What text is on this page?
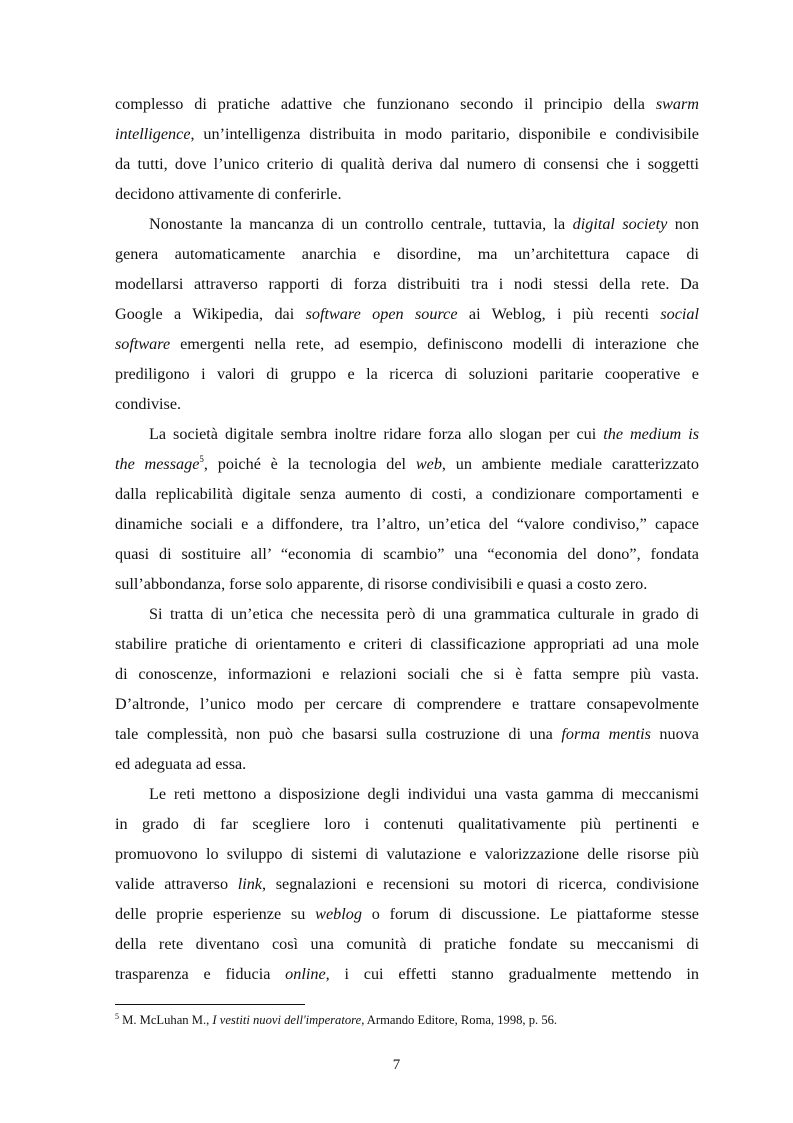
complesso di pratiche adattive che funzionano secondo il principio della swarm
intelligence, un’intelligenza distribuita in modo paritario, disponibile e condivisibile
da tutti, dove l’unico criterio di qualità deriva dal numero di consensi che i soggetti
decidono attivamente di conferirle.
Nonostante la mancanza di un controllo centrale, tuttavia, la digital society non
genera automaticamente anarchia e disordine, ma un’architettura capace di
modellarsi attraverso rapporti di forza distribuiti tra i nodi stessi della rete. Da
Google a Wikipedia, dai software open source ai Weblog, i più recenti social
software emergenti nella rete, ad esempio, definiscono modelli di interazione che
prediligono i valori di gruppo e la ricerca di soluzioni paritarie cooperative e
condivise.
La società digitale sembra inoltre ridare forza allo slogan per cui the medium is
the message$^5$, poiché è la tecnologia del web, un ambiente mediale caratterizzato
dalla replicabilità digitale senza aumento di costi, a condizionare comportamenti e
dinamiche sociali e a diffondere, tra l’altro, un’etica del “valore condiviso,” capace
quasi di sostituire all’ “economia di scambio” una “economia del dono”, fondata
sull’abbondanza, forse solo apparente, di risorse condivisibili e quasi a costo zero.
Si tratta di un’etica che necessita però di una grammatica culturale in grado di
stabilire pratiche di orientamento e criteri di classificazione appropriati ad una mole
di conoscenze, informazioni e relazioni sociali che si è fatta sempre più vasta.
D’altronde, l’unico modo per cercare di comprendere e trattare consapevolmente
tale complessità, non può che basarsi sulla costruzione di una forma mentis nuova
ed adeguata ad essa.
Le reti mettono a disposizione degli individui una vasta gamma di meccanismi
in grado di far scegliere loro i contenuti qualitativamente più pertinenti e
promuovono lo sviluppo di sistemi di valutazione e valorizzazione delle risorse più
valide attraverso link, segnalazioni e recensioni su motori di ricerca, condivisione
delle proprie esperienze su weblog o forum di discussione. Le piattaforme stesse
della rete diventano così una comunità di pratiche fondate su meccanismi di
trasparenza e fiducia online, i cui effetti stanno gradualmente mettendo in
$^5$ M. McLuhan M., I vestiti nuovi dell'imperatore, Armando Editore, Roma, 1998, p. 56.
7
